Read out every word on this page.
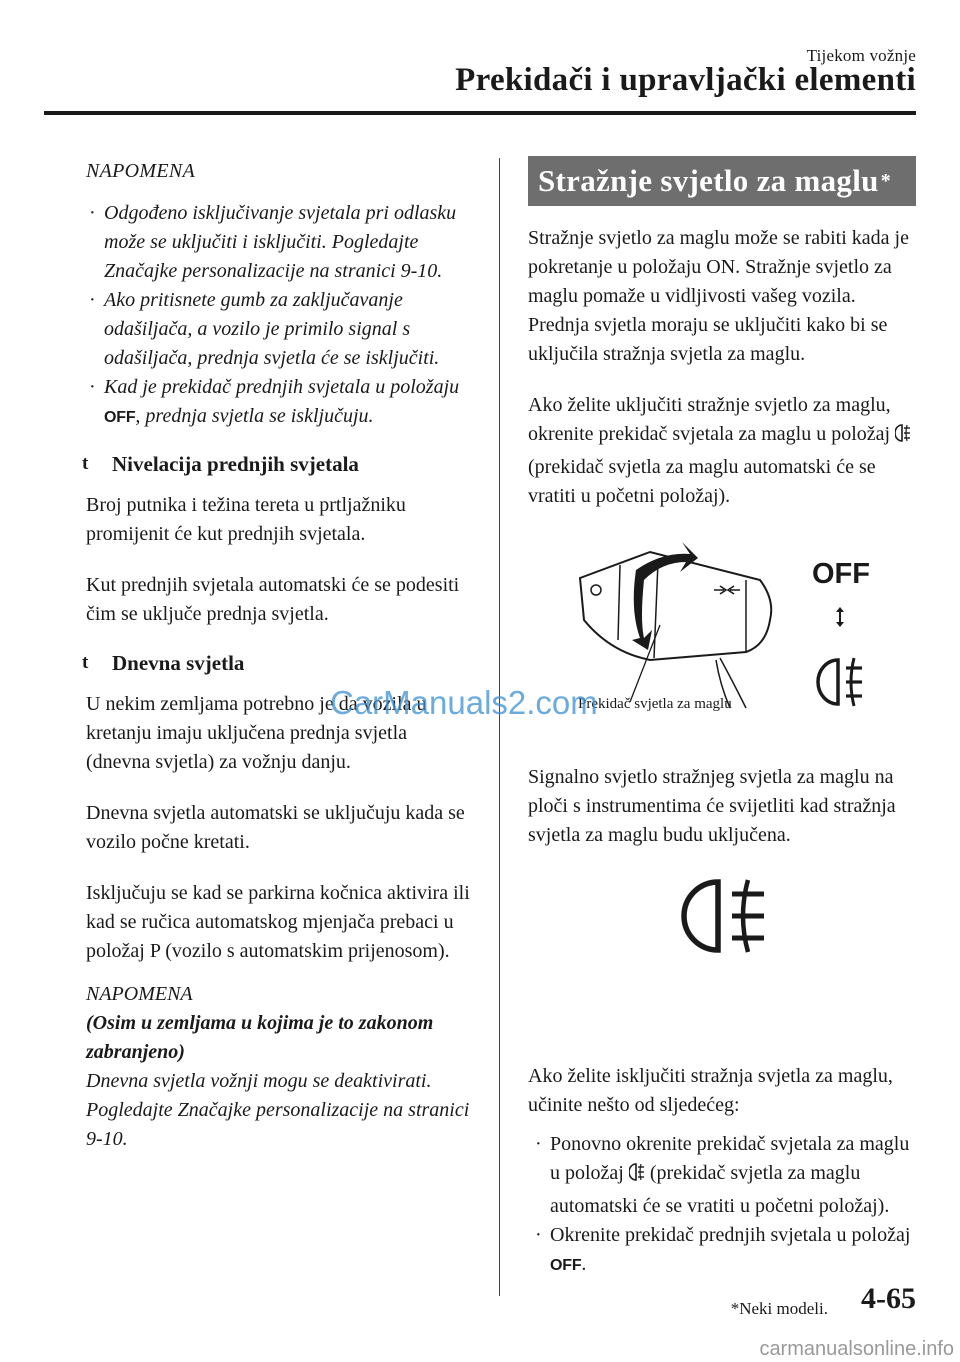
Tijekom vožnje
Prekidači i upravljački elementi
NAPOMENA
· Odgođeno isključivanje svjetala pri odlasku može se uključiti i isključiti. Pogledajte Značajke personalizacije na stranici 9-10.
· Ako pritisnete gumb za zaključavanje odašiljača, a vozilo je primilo signal s odašiljača, prednja svjetla će se isključiti.
· Kad je prekidač prednjih svjetala u položaju OFF, prednja svjetla se isključuju.
t Nivelacija prednjih svjetala

Broj putnika i težina tereta u prtljažniku promijenit će kut prednjih svjetala.

Kut prednjih svjetala automatski će se podesiti čim se uključe prednja svjetla.

t Dnevna svjetla

U nekim zemljama potrebno je da vozila u kretanju imaju uključena prednja svjetla (dnevna svjetla) za vožnju danju.

Dnevna svjetla automatski se uključuju kada se vozilo počne kretati.

Isključuju se kad se parkirna kočnica aktivira ili kad se ručica automatskog mjenjača prebaci u položaj P (vozilo s automatskim prijenosom).

NAPOMENA
(Osim u zemljama u kojima je to zakonom zabranjeno)
Dnevna svjetla vožnji mogu se deaktivirati.
Pogledajte Značajke personalizacije na stranici 9-10.
Stražnje svjetlo za maglu *
Stražnje svjetlo za maglu može se rabiti kada je pokretanje u položaju ON. Stražnje svjetlo za maglu pomaže u vidljivosti vašeg vozila. Prednja svjetla moraju se uključiti kako bi se uključila stražnja svjetla za maglu.
Ako želite uključiti stražnje svjetlo za maglu, okrenite prekidač svjetala za maglu u položaj  (prekidač svjetla za maglu automatski će se vratiti u početni položaj).
Signalno svjetlo stražnjeg svjetla za maglu na ploči s instrumentima će svijetliti kad stražnja svjetla za maglu budu uključena.
Ako želite isključiti stražnja svjetla za maglu, učinite nešto od sljedećeg:
· Ponovno okrenite prekidač svjetala za maglu u položaj (prekidač svjetla za maglu automatski će se vratiti u početni položaj).
· Okrenite prekidač prednjih svjetala u položaj OFF.
Prekidač svjetla za maglu
OFF
*Neki modeli. 4-65
CarManuals2.com
carmanualsonline.info
